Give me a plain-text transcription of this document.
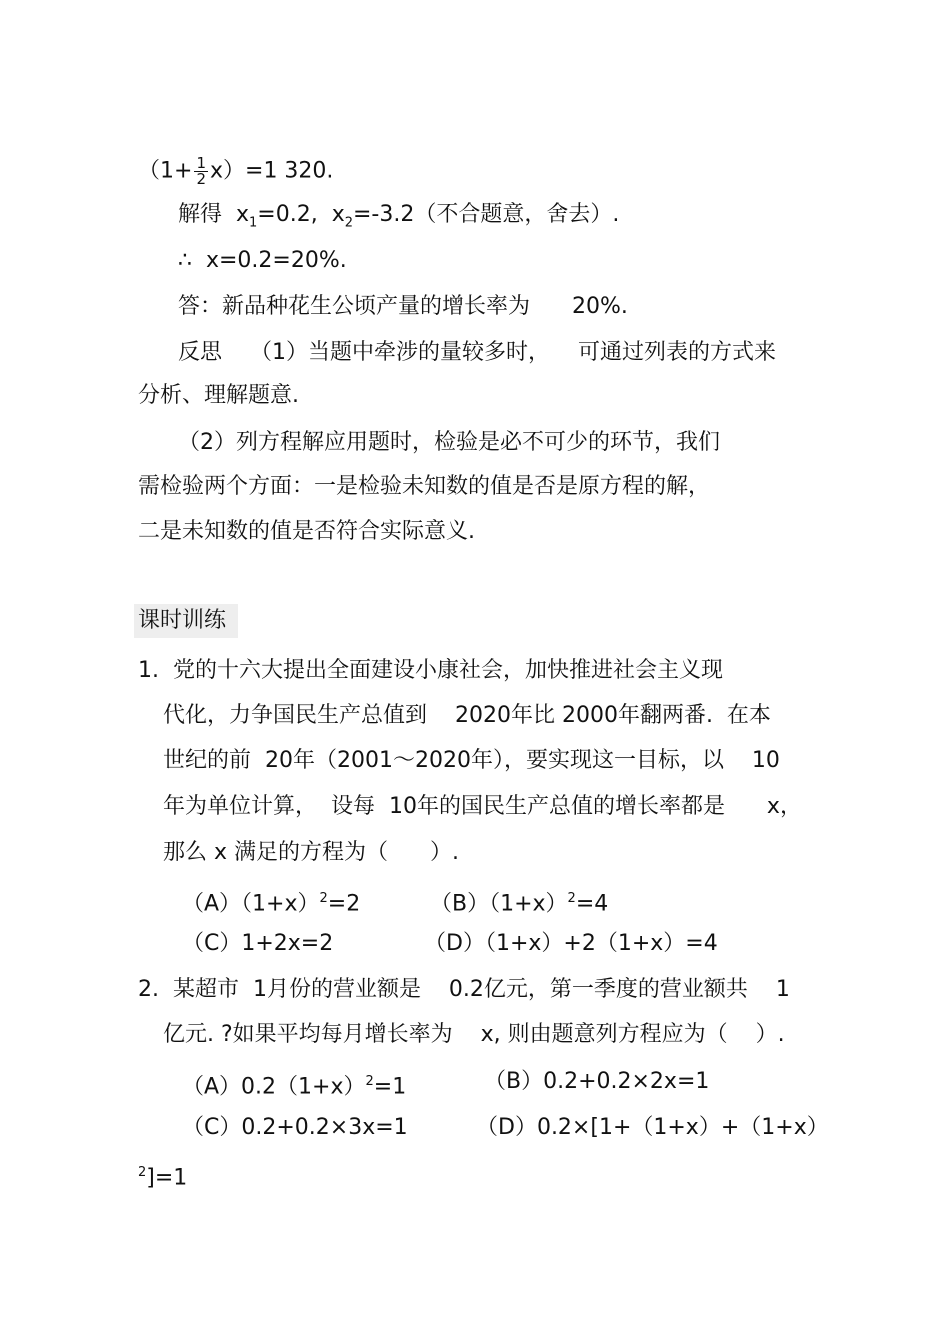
$(1+ \frac{1}{2} x)=1$ 320.
解得  $x_1=0.2$,  $x_2=-3.2$（不合题意，舍去）.
∴  x=0.2=20%.
答：新品种花生公顷产量的增长率为      20%.
反思    （1）当题中牵涉的量较多时，    可通过列表的方式来
分析、理解题意.
（2）列方程解应用题时，检验是必不可少的环节，我们
需检验两个方面：一是检验未知数的值是否是原方程的解，
二是未知数的值是否符合实际意义.
课时训练
1.  党的十六大提出全面建设小康社会，加快推进社会主义现
代化，力争国民生产总值到    2020年比 2000年翻两番.  在本
世纪的前  20年（2001～2020年），要实现这一目标，以    10
年为单位计算，  设每  10年的国民生产总值的增长率都是      x，
那么 x 满足的方程为（      ）.
$(A)(1+x)^2=2$	$(B)(1+x)^2=4$
（C）1+2x=2	（D）（1+x）+2（1+x）=4
2.  某超市  1月份的营业额是    0.2亿元，第一季度的营业额共    1
亿元. ?如果平均每月增长率为    x, 则由题意列方程应为（    ）.
$(A)0.2(1+x)^2=1$	（B）0.2+0.2×2x=1
（C）0.2+0.2×3x=1	（D）0.2×[1+（1+x）+（1+x）
$^2$]=1
